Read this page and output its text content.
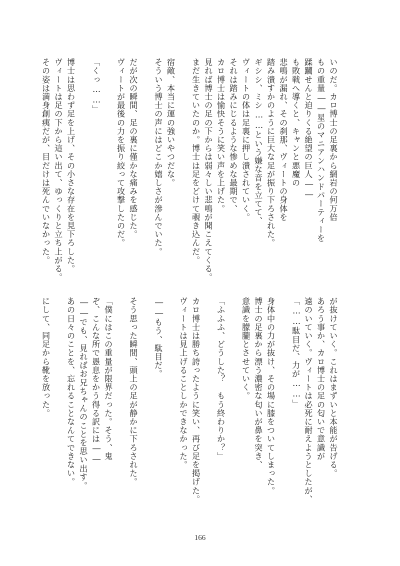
いのだ。カロ博士の足裏から網岩の何万倍
もの重量――星のマニアンハンドパーティーを
蹂躙せんと迫りくる絶望の巨人――
も敗戦へ導くと、キャンと悪魔の
悲鳴が漏れ、その刹那、ヴィートの身体を
踏み潰すかのように巨大な足が振り下ろされた。
ギシシ、ミシ……という嫌な音を立てて、
ヴィートの体は足裏に押し潰されていく。
それは踏みにじるような惨めな最期で、
カロ博士は愉快そうに笑い声を上げた。
見れば博士の足の下からは弱々しい悲鳴が聞こえてくる。
まだ生きていたのか。博士は足をどけて覗き込んだ。

宿敵、本当に運の強いやつだな。
そういう博士の声にはどこか嬉しさが滲んでいた。

だが次の瞬間、足の裏に僅かな痛みを感じた。
ヴィートが最後の力を振り絞って攻撃したのだ。

「くっ……」

博士は思わず足を上げ、その小さな存在を見下ろした。
ヴィートは足の下から這い出て、ゆっくりと立ち上がる。
その姿は満身創痍だが、目だけは死んでいなかった。
が抜けていく。これはまずいと本能が告げる。
あろう事か、カロ博士の足の匂いで意識が
遠のいていく。ヴィートは必死に耐えようとしたが、
「……駄目だ、力が……」

身体中の力が抜け、その場に膝をついてしまった。
博士の足裏から漂う濃密な匂いが鼻を突き、
意識を朦朧とさせていく。

「ふふふ、どうした？　もう終わりか？」

カロ博士は勝ち誇ったように笑い、再び足を掲げた。
ヴィートは見上げることしかできなかった。

――もう、駄目だ。

そう思った瞬間、頭上の足が静かに下ろされた。

「僕にはこの重量が限界だった。そう、鬼
ぞ、こんな所で愚息をかう得る訳には――
――でも、見ればお兄ちゃんのことを思い出す。
あの日々のことを、忘れることなんてできない。

にして、同足から靴を放った。
166
